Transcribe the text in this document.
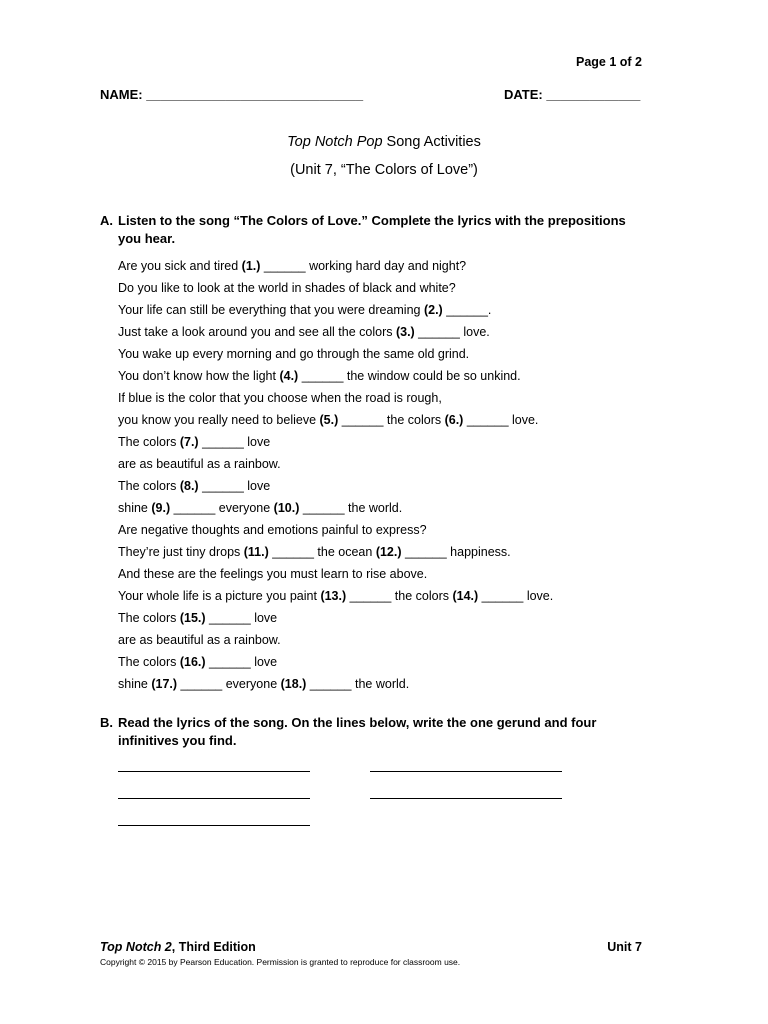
Page 1 of 2
NAME: ______________________________	DATE: _____________
Top Notch Pop Song Activities
(Unit 7, “The Colors of Love”)
A. Listen to the song “The Colors of Love.” Complete the lyrics with the prepositions
you hear.
Are you sick and tired (1.) ______ working hard day and night?
Do you like to look at the world in shades of black and white?
Your life can still be everything that you were dreaming (2.) ______.
Just take a look around you and see all the colors (3.) ______ love.
You wake up every morning and go through the same old grind.
You don’t know how the light (4.) ______ the window could be so unkind.
If blue is the color that you choose when the road is rough,
you know you really need to believe (5.) ______ the colors (6.) ______ love.
The colors (7.) ______ love
are as beautiful as a rainbow.
The colors (8.) ______ love
shine (9.) ______ everyone (10.) ______ the world.
Are negative thoughts and emotions painful to express?
They’re just tiny drops (11.) ______ the ocean (12.) ______ happiness.
And these are the feelings you must learn to rise above.
Your whole life is a picture you paint (13.) ______ the colors (14.) ______ love.
The colors (15.) ______ love
are as beautiful as a rainbow.
The colors (16.) ______ love
shine (17.) ______ everyone (18.) ______ the world.
B. Read the lyrics of the song. On the lines below, write the one gerund and four
infinitives you find.
Top Notch 2, Third Edition	Unit 7
Copyright © 2015 by Pearson Education. Permission is granted to reproduce for classroom use.
